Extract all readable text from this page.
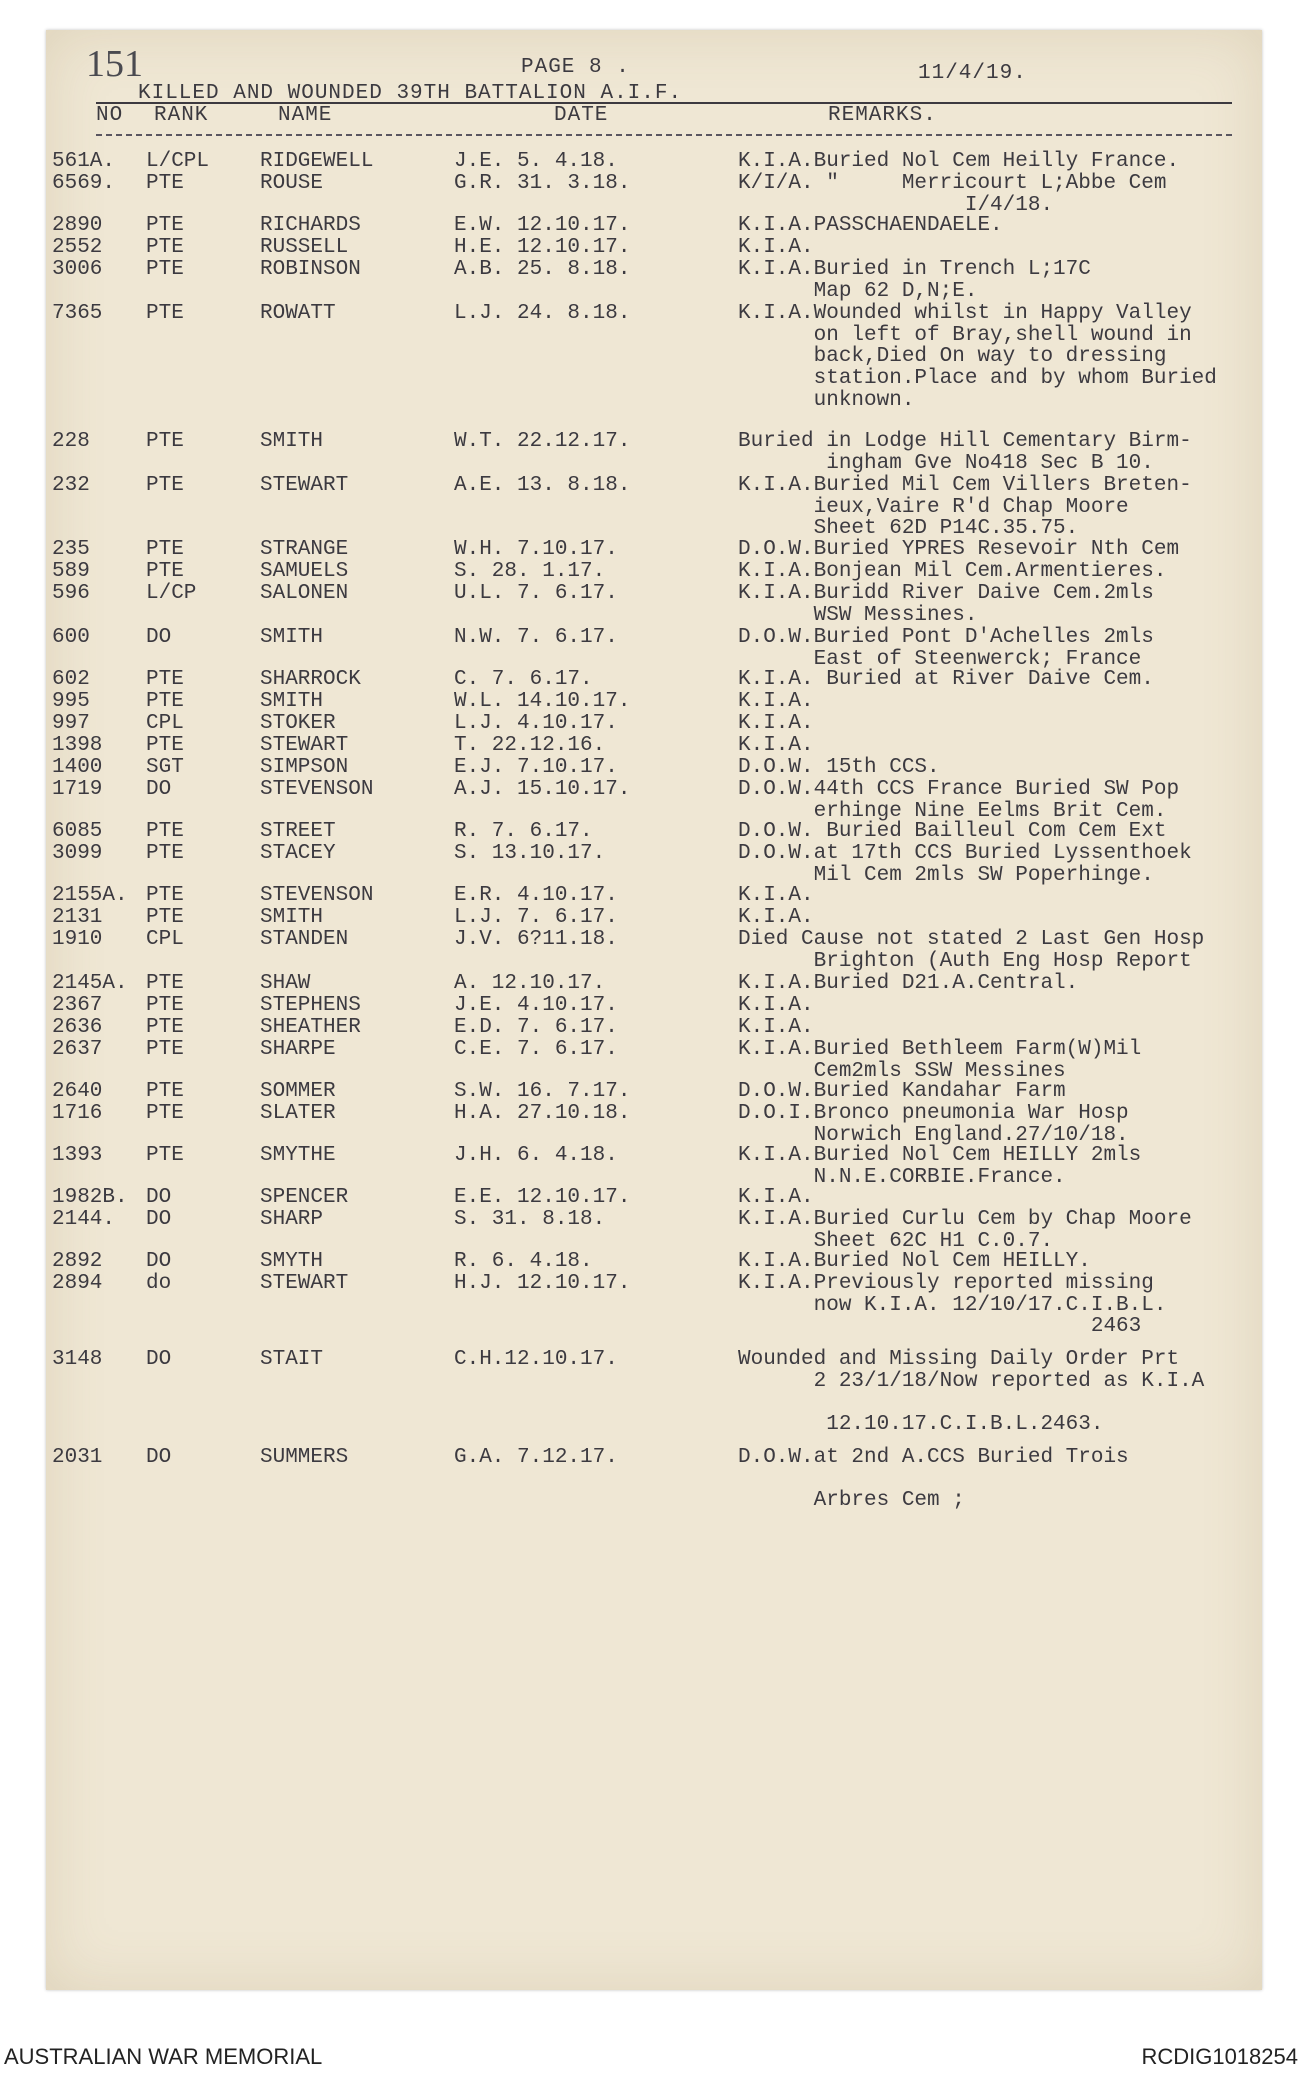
151	PAGE 8 .	11/4/19.
KILLED AND WOUNDED 39TH BATTALION A.I.F.
NO RANK	NAME	DATE	REMARKS.
561A.	L/CPL	RIDGEWELL	J.E. 5. 4.18.	K.I.A.Buried Nol Cem Heilly France.
6569.	PTE	ROUSE	G.R. 31. 3.18.	K/I/A. "     Merricourt L;Abbe Cem
I/4/18.
2890	PTE	RICHARDS	E.W. 12.10.17.	K.I.A.PASSCHAENDAELE.
2552	PTE	RUSSELL	H.E. 12.10.17.	K.I.A.
3006	PTE	ROBINSON	A.B. 25. 8.18.	K.I.A.Buried in Trench L;17C
Map 62 D,N;E.
7365	PTE	ROWATT	L.J. 24. 8.18.	K.I.A.Wounded whilst in Happy Valley
on left of Bray,shell wound in
back,Died On way to dressing
station.Place and by whom Buried
unknown.
228	PTE	SMITH	W.T. 22.12.17.	Buried in Lodge Hill Cementary Birm-
ingham Gve No418 Sec B 10.
232	PTE	STEWART	A.E. 13. 8.18.	K.I.A.Buried Mil Cem Villers Breten-
ieux,Vaire R'd Chap Moore
Sheet 62D P14C.35.75.
235	PTE	STRANGE	W.H. 7.10.17.	D.O.W.Buried YPRES Resevoir Nth Cem
589	PTE	SAMUELS	S. 28. 1.17.	K.I.A.Bonjean Mil Cem.Armentieres.
596	L/CP	SALONEN	U.L. 7. 6.17.	K.I.A.Buridd River Daive Cem.2mls
WSW Messines.
600	DO	SMITH	N.W. 7. 6.17.	D.O.W.Buried Pont D'Achelles 2mls
East of Steenwerck; France
602	PTE	SHARROCK	C. 7. 6.17.	K.I.A. Buried at River Daive Cem.
995	PTE	SMITH	W.L. 14.10.17.	K.I.A.
997	CPL	STOKER	L.J. 4.10.17.	K.I.A.
1398	PTE	STEWART	T. 22.12.16.	K.I.A.
1400	SGT	SIMPSON	E.J. 7.10.17.	D.O.W. 15th CCS.
1719	DO	STEVENSON	A.J. 15.10.17.	D.O.W.44th CCS France Buried SW Pop
erhinge Nine Eelms Brit Cem.
6085	PTE	STREET	R. 7. 6.17.	D.O.W. Buried Bailleul Com Cem Ext
3099	PTE	STACEY	S. 13.10.17.	D.O.W.at 17th CCS Buried Lyssenthoek
Mil Cem 2mls SW Poperhinge.
2155A. PTE	STEVENSON	E.R. 4.10.17.	K.I.A.
2131	PTE	SMITH	L.J. 7. 6.17.	K.I.A.
1910	CPL	STANDEN	J.V. 6?11.18.	Died Cause not stated 2 Last Gen Hosp
Brighton (Auth Eng Hosp Report
2145A. PTE	SHAW	A. 12.10.17.	K.I.A.Buried D21.A.Central.
2367	PTE	STEPHENS	J.E. 4.10.17.	K.I.A.
2636	PTE	SHEATHER	E.D. 7. 6.17.	K.I.A.
2637	PTE	SHARPE	C.E. 7. 6.17.	K.I.A.Buried Bethleem Farm(W)Mil
Cem2mls SSW Messines
2640	PTE	SOMMER	S.W. 16. 7.17.	D.O.W.Buried Kandahar Farm
1716	PTE	SLATER	H.A. 27.10.18.	D.O.I.Bronco pneumonia War Hosp
Norwich England.27/10/18.
1393	PTE	SMYTHE	J.H. 6. 4.18.	K.I.A.Buried Nol Cem HEILLY 2mls
N.N.E.CORBIE.France.
1982B. DO	SPENCER	E.E. 12.10.17.	K.I.A.
2144.	DO	SHARP	S. 31. 8.18.	K.I.A.Buried Curlu Cem by Chap Moore
Sheet 62C H1 C.0.7.
2892	DO	SMYTH	R. 6. 4.18.	K.I.A.Buried Nol Cem HEILLY.
2894	do	STEWART	H.J. 12.10.17.	K.I.A.Previously reported missing
now K.I.A. 12/10/17.C.I.B.L.
2463
3148	DO	STAIT	C.H.12.10.17.	Wounded and Missing Daily Order Prt
2 23/1/18/Now reported as K.I.A
12.10.17.C.I.B.L.2463.
2031	DO	SUMMERS	G.A. 7.12.17.	D.O.W.at 2nd A.CCS Buried Trois
Arbres Cem ;
AUSTRALIAN WAR MEMORIAL	RCDIG1018254
